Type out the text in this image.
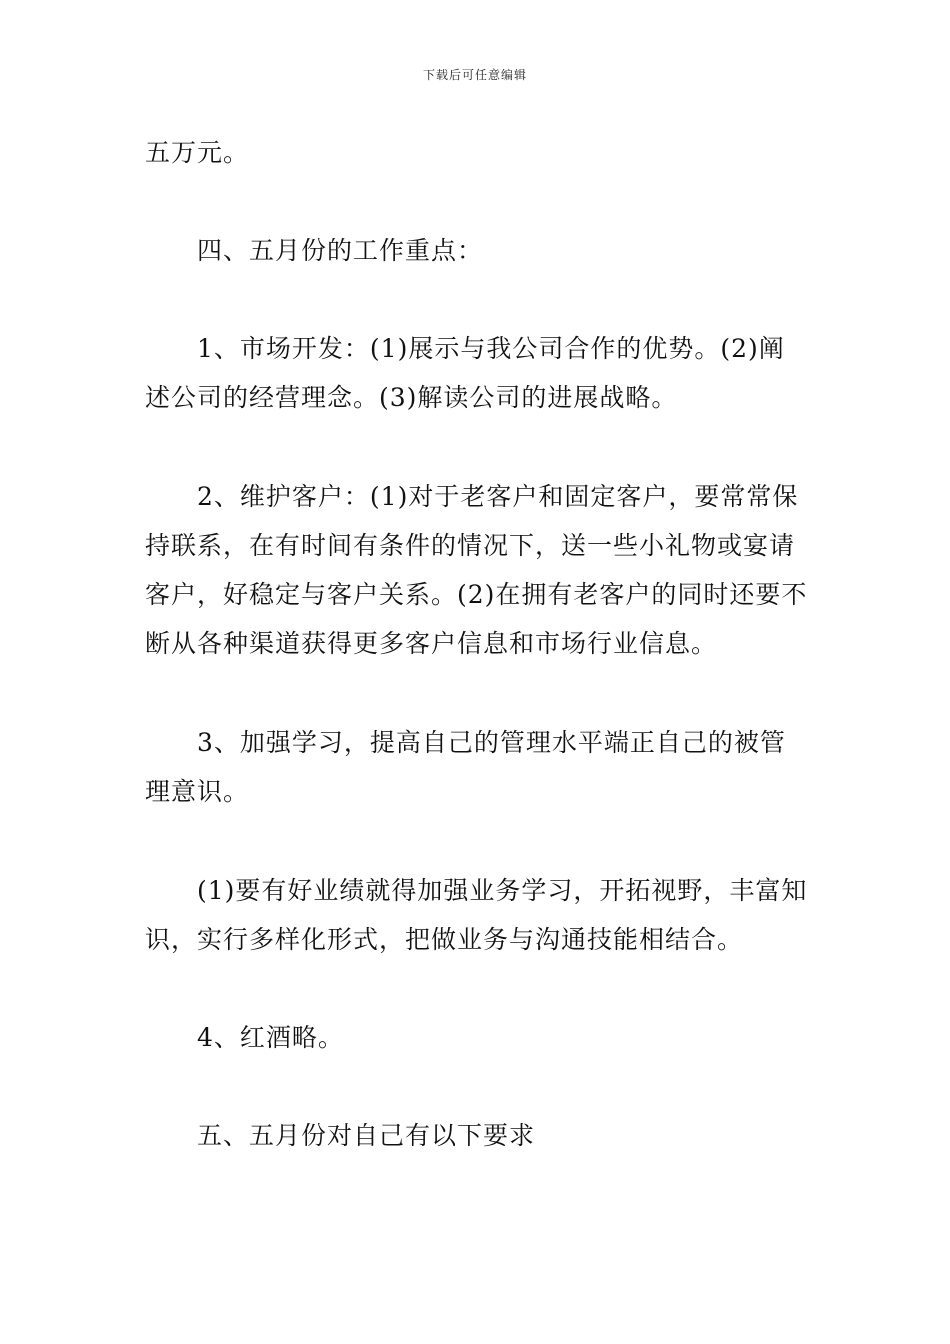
下载后可任意编辑

五万元。

四、五月份的工作重点：

1、市场开发：(1)展示与我公司合作的优势。(2)阐述公司的经营理念。(3)解读公司的进展战略。

2、维护客户：(1)对于老客户和固定客户，要常常保持联系，在有时间有条件的情况下，送一些小礼物或宴请客户，好稳定与客户关系。(2)在拥有老客户的同时还要不断从各种渠道获得更多客户信息和市场行业信息。

3、加强学习，提高自己的管理水平端正自己的被管理意识。

(1)要有好业绩就得加强业务学习，开拓视野，丰富知识，实行多样化形式，把做业务与沟通技能相结合。

4、红酒略。

五、五月份对自己有以下要求
